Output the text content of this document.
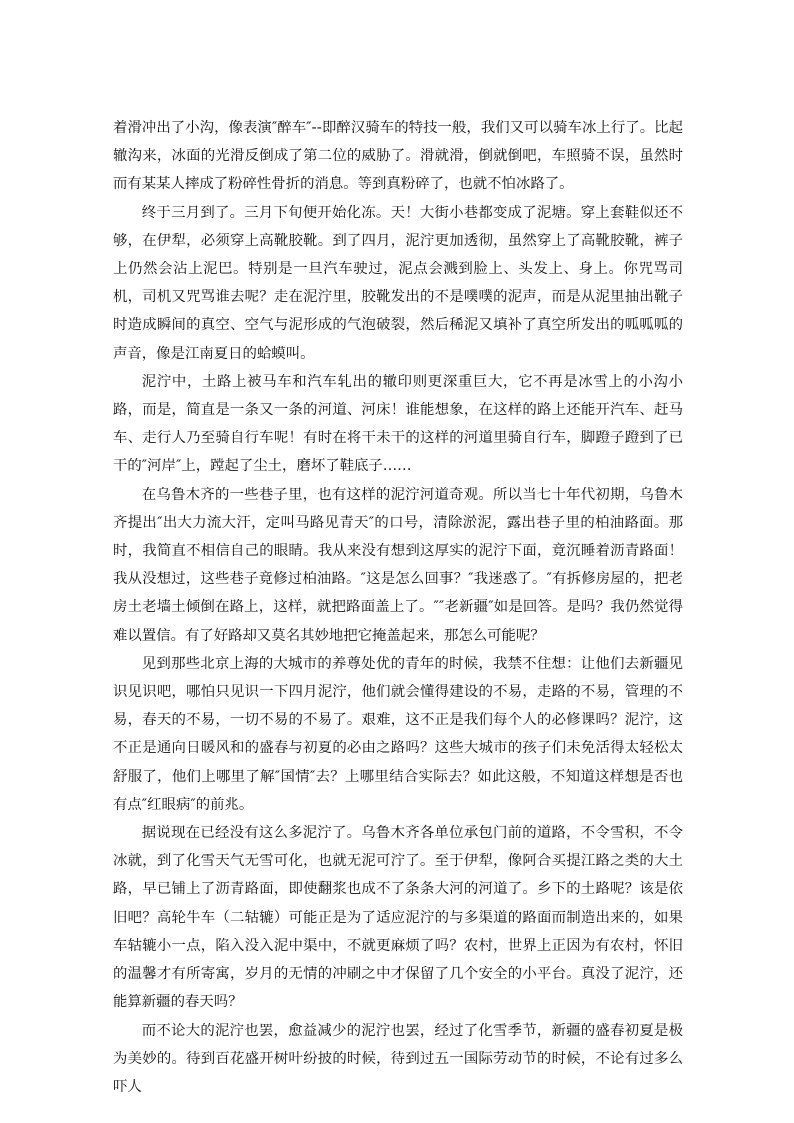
着滑冲出了小沟，像表演″醉车″--即醉汉骑车的特技一般，我们又可以骑车冰上行了。比起辙沟来，冰面的光滑反倒成了第二位的威胁了。滑就滑，倒就倒吧，车照骑不误，虽然时而有某某人摔成了粉碎性骨折的消息。等到真粉碎了，也就不怕冰路了。

终于三月到了。三月下旬便开始化冻。天！大街小巷都变成了泥塘。穿上套鞋似还不够，在伊犁，必须穿上高靴胶靴。到了四月，泥泞更加透彻，虽然穿上了高靴胶靴，裤子上仍然会沾上泥巴。特别是一旦汽车驶过，泥点会溅到脸上、头发上、身上。你咒骂司机，司机又咒骂谁去呢？走在泥泞里，胶靴发出的不是噗噗的泥声，而是从泥里抽出靴子时造成瞬间的真空、空气与泥形成的气泡破裂，然后稀泥又填补了真空所发出的呱呱呱的声音，像是江南夏日的蛤蟆叫。

泥泞中，土路上被马车和汽车轧出的辙印则更深重巨大，它不再是冰雪上的小沟小路，而是，简直是一条又一条的河道、河床！谁能想象，在这样的路上还能开汽车、赶马车、走行人乃至骑自行车呢！有时在将干未干的这样的河道里骑自行车，脚蹬子蹬到了已干的″河岸″上，蹚起了尘土，磨坏了鞋底子……

在乌鲁木齐的一些巷子里，也有这样的泥泞河道奇观。所以当七十年代初期，乌鲁木齐提出″出大力流大汗，定叫马路见青天″的口号，清除淤泥，露出巷子里的柏油路面。那时，我简直不相信自己的眼睛。我从来没有想到这厚实的泥泞下面，竟沉睡着沥青路面！我从没想过，这些巷子竟修过柏油路。″这是怎么回事？″我迷惑了。″有拆修房屋的，把老房土老墙土倾倒在路上，这样，就把路面盖上了。″″老新疆″如是回答。是吗？我仍然觉得难以置信。有了好路却又莫名其妙地把它掩盖起来，那怎么可能呢？

见到那些北京上海的大城市的养尊处优的青年的时候，我禁不住想：让他们去新疆见识见识吧，哪怕只见识一下四月泥泞，他们就会懂得建设的不易，走路的不易，管理的不易，春天的不易，一切不易的不易了。艰难，这不正是我们每个人的必修课吗？泥泞，这不正是通向日暖风和的盛春与初夏的必由之路吗？这些大城市的孩子们未免活得太轻松太舒服了，他们上哪里了解″国情″去？上哪里结合实际去？如此这般，不知道这样想是否也有点″红眼病″的前兆。

据说现在已经没有这么多泥泞了。乌鲁木齐各单位承包门前的道路，不令雪积，不令冰就，到了化雪天气无雪可化，也就无泥可泞了。至于伊犁，像阿合买提江路之类的大土路，早已铺上了沥青路面，即使翻浆也成不了条条大河的河道了。乡下的土路呢？该是依旧吧？高轮牛车（二轱辘）可能正是为了适应泥泞的与多渠道的路面而制造出来的，如果车轱辘小一点，陷入没入泥中渠中，不就更麻烦了吗？农村，世界上正因为有农村，怀旧的温馨才有所寄寓，岁月的无情的冲刷之中才保留了几个安全的小平台。真没了泥泞，还能算新疆的春天吗？

而不论大的泥泞也罢，愈益减少的泥泞也罢，经过了化雪季节，新疆的盛春初夏是极为美妙的。待到百花盛开树叶纷披的时候，待到过五一国际劳动节的时候，不论有过多么吓人
